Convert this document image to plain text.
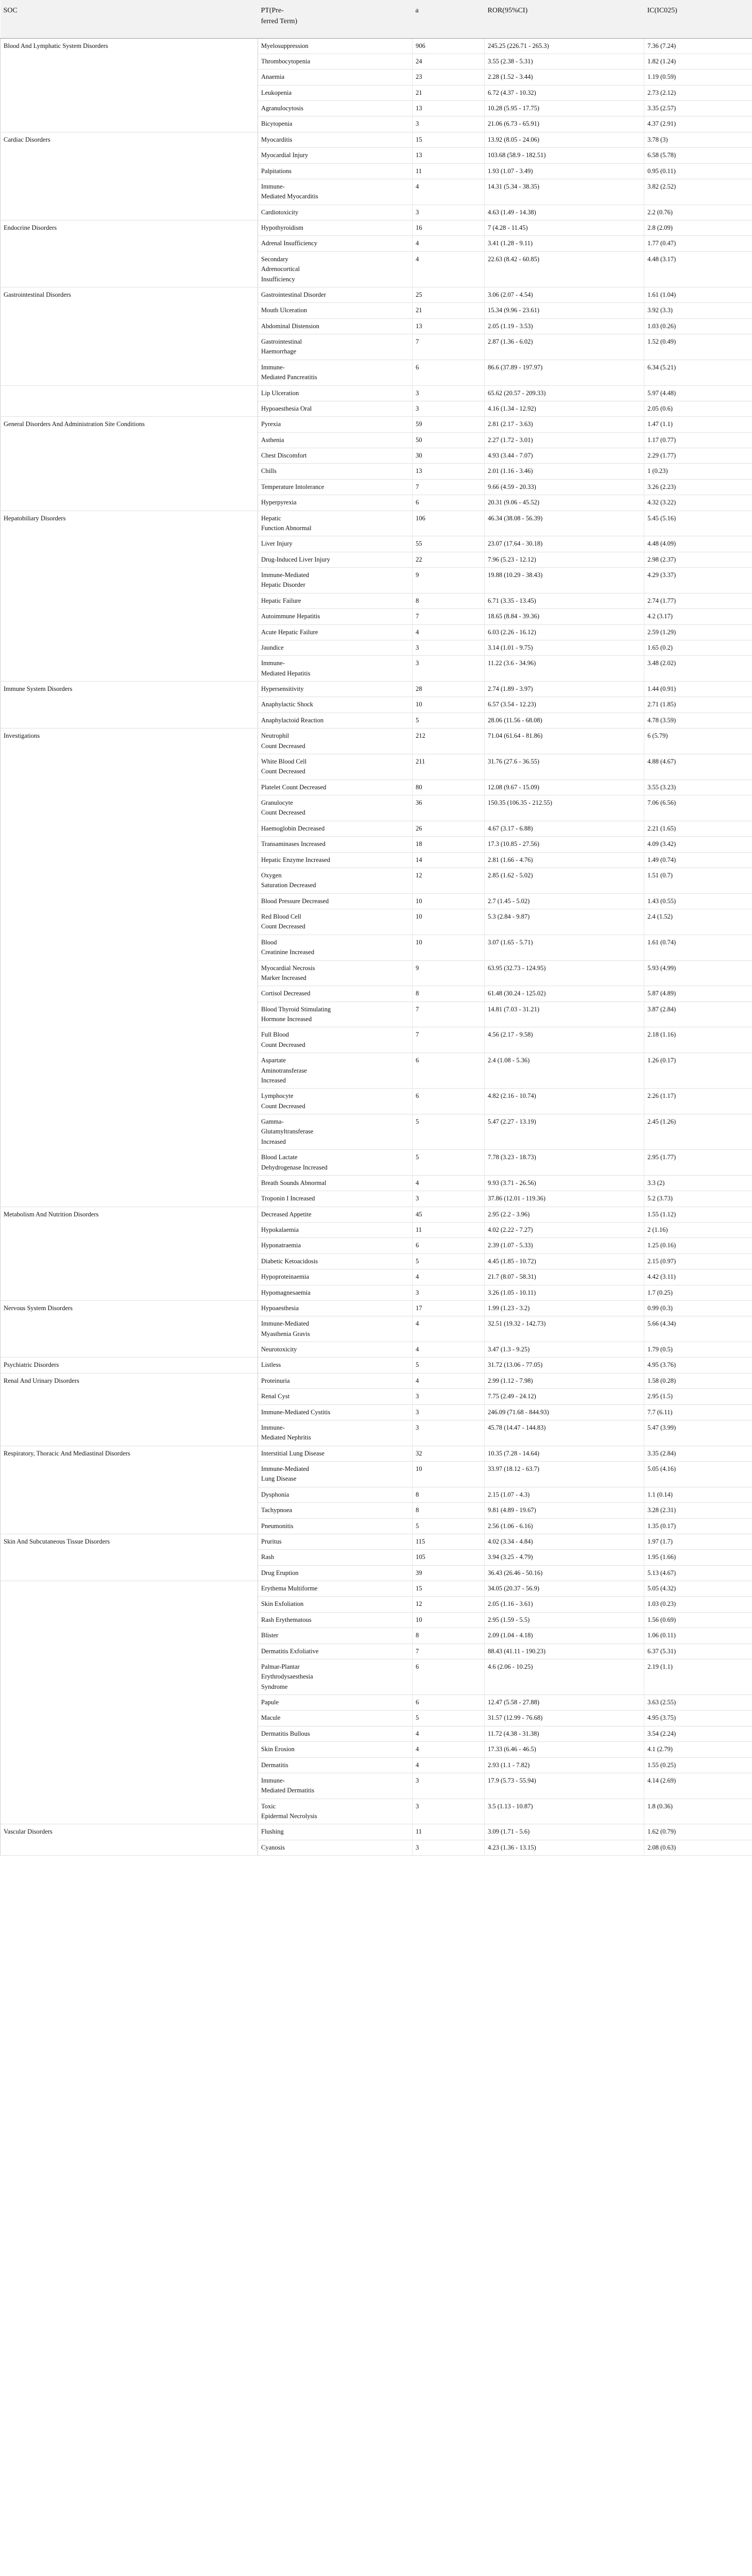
SOC	PT(Pre-
ferred Term)	a	ROR(95%CI)	IC(IC025)
Blood And Lymphatic System Disorders	Myelosuppression	906	245.25 (226.71 - 265.3)	7.36 (7.24)
	Thrombocytopenia	24	3.55 (2.38 - 5.31)	1.82 (1.24)
	Anaemia	23	2.28 (1.52 - 3.44)	1.19 (0.59)
	Leukopenia	21	6.72 (4.37 - 10.32)	2.73 (2.12)
	Agranulocytosis	13	10.28 (5.95 - 17.75)	3.35 (2.57)
	Bicytopenia	3	21.06 (6.73 - 65.91)	4.37 (2.91)
Cardiac Disorders	Myocarditis	15	13.92 (8.05 - 24.06)	3.78 (3)
	Myocardial Injury	13	103.68 (58.9 - 182.51)	6.58 (5.78)
	Palpitations	11	1.93 (1.07 - 3.49)	0.95 (0.11)
	Immune-
Mediated Myocarditis	4	14.31 (5.34 - 38.35)	3.82 (2.52)
	Cardiotoxicity	3	4.63 (1.49 - 14.38)	2.2 (0.76)
Endocrine Disorders	Hypothyroidism	16	7 (4.28 - 11.45)	2.8 (2.09)
	Adrenal Insufficiency	4	3.41 (1.28 - 9.11)	1.77 (0.47)
	Secondary
Adrenocortical
Insufficiency	4	22.63 (8.42 - 60.85)	4.48 (3.17)
Gastrointestinal Disorders	Gastrointestinal Disorder	25	3.06 (2.07 - 4.54)	1.61 (1.04)
	Mouth Ulceration	21	15.34 (9.96 - 23.61)	3.92 (3.3)
	Abdominal Distension	13	2.05 (1.19 - 3.53)	1.03 (0.26)
	Gastrointestinal
Haemorrhage	7	2.87 (1.36 - 6.02)	1.52 (0.49)
	Immune-
Mediated Pancreatitis	6	86.6 (37.89 - 197.97)	6.34 (5.21)
	Lip Ulceration	3	65.62 (20.57 - 209.33)	5.97 (4.48)
	Hypoaesthesia Oral	3	4.16 (1.34 - 12.92)	2.05 (0.6)
General Disorders And Administration Site Conditions	Pyrexia	59	2.81 (2.17 - 3.63)	1.47 (1.1)
	Asthenia	50	2.27 (1.72 - 3.01)	1.17 (0.77)
	Chest Discomfort	30	4.93 (3.44 - 7.07)	2.29 (1.77)
	Chills	13	2.01 (1.16 - 3.46)	1 (0.23)
	Temperature Intolerance	7	9.66 (4.59 - 20.33)	3.26 (2.23)
	Hyperpyrexia	6	20.31 (9.06 - 45.52)	4.32 (3.22)
Hepatobiliary Disorders	Hepatic
Function Abnormal	106	46.34 (38.08 - 56.39)	5.45 (5.16)
	Liver Injury	55	23.07 (17.64 - 30.18)	4.48 (4.09)
	Drug-Induced Liver Injury	22	7.96 (5.23 - 12.12)	2.98 (2.37)
	Immune-Mediated
Hepatic Disorder	9	19.88 (10.29 - 38.43)	4.29 (3.37)
	Hepatic Failure	8	6.71 (3.35 - 13.45)	2.74 (1.77)
	Autoimmune Hepatitis	7	18.65 (8.84 - 39.36)	4.2 (3.17)
	Acute Hepatic Failure	4	6.03 (2.26 - 16.12)	2.59 (1.29)
	Jaundice	3	3.14 (1.01 - 9.75)	1.65 (0.2)
	Immune-
Mediated Hepatitis	3	11.22 (3.6 - 34.96)	3.48 (2.02)
Immune System Disorders	Hypersensitivity	28	2.74 (1.89 - 3.97)	1.44 (0.91)
	Anaphylactic Shock	10	6.57 (3.54 - 12.23)	2.71 (1.85)
	Anaphylactoid Reaction	5	28.06 (11.56 - 68.08)	4.78 (3.59)
Investigations	Neutrophil
Count Decreased	212	71.04 (61.64 - 81.86)	6 (5.79)
	White Blood Cell
Count Decreased	211	31.76 (27.6 - 36.55)	4.88 (4.67)
	Platelet Count Decreased	80	12.08 (9.67 - 15.09)	3.55 (3.23)
	Granulocyte
Count Decreased	36	150.35 (106.35 - 212.55)	7.06 (6.56)
	Haemoglobin Decreased	26	4.67 (3.17 - 6.88)	2.21 (1.65)
	Transaminases Increased	18	17.3 (10.85 - 27.56)	4.09 (3.42)
	Hepatic Enzyme Increased	14	2.81 (1.66 - 4.76)	1.49 (0.74)
	Oxygen
Saturation Decreased	12	2.85 (1.62 - 5.02)	1.51 (0.7)
	Blood Pressure Decreased	10	2.7 (1.45 - 5.02)	1.43 (0.55)
	Red Blood Cell
Count Decreased	10	5.3 (2.84 - 9.87)	2.4 (1.52)
	Blood
Creatinine Increased	10	3.07 (1.65 - 5.71)	1.61 (0.74)
	Myocardial Necrosis
Marker Increased	9	63.95 (32.73 - 124.95)	5.93 (4.99)
	Cortisol Decreased	8	61.48 (30.24 - 125.02)	5.87 (4.89)
	Blood Thyroid Stimulating
Hormone Increased	7	14.81 (7.03 - 31.21)	3.87 (2.84)
	Full Blood
Count Decreased	7	4.56 (2.17 - 9.58)	2.18 (1.16)
	Aspartate
Aminotransferase
Increased	6	2.4 (1.08 - 5.36)	1.26 (0.17)
	Lymphocyte
Count Decreased	6	4.82 (2.16 - 10.74)	2.26 (1.17)
	Gamma-
Glutamyltransferase
Increased	5	5.47 (2.27 - 13.19)	2.45 (1.26)
	Blood Lactate
Dehydrogenase Increased	5	7.78 (3.23 - 18.73)	2.95 (1.77)
	Breath Sounds Abnormal	4	9.93 (3.71 - 26.56)	3.3 (2)
	Troponin I Increased	3	37.86 (12.01 - 119.36)	5.2 (3.73)
Metabolism And Nutrition Disorders	Decreased Appetite	45	2.95 (2.2 - 3.96)	1.55 (1.12)
	Hypokalaemia	11	4.02 (2.22 - 7.27)	2 (1.16)
	Hyponatraemia	6	2.39 (1.07 - 5.33)	1.25 (0.16)
	Diabetic Ketoacidosis	5	4.45 (1.85 - 10.72)	2.15 (0.97)
	Hypoproteinaemia	4	21.7 (8.07 - 58.31)	4.42 (3.11)
	Hypomagnesaemia	3	3.26 (1.05 - 10.11)	1.7 (0.25)
Nervous System Disorders	Hypoaesthesia	17	1.99 (1.23 - 3.2)	0.99 (0.3)
	Immune-Mediated
Myasthenia Gravis	4	32.51 (19.32 - 142.73)	5.66 (4.34)
	Neurotoxicity	4	3.47 (1.3 - 9.25)	1.79 (0.5)
Psychiatric Disorders	Listless	5	31.72 (13.06 - 77.05)	4.95 (3.76)
Renal And Urinary Disorders	Proteinuria	4	2.99 (1.12 - 7.98)	1.58 (0.28)
	Renal Cyst	3	7.75 (2.49 - 24.12)	2.95 (1.5)
	Immune-Mediated Cystitis	3	246.09 (71.68 - 844.93)	7.7 (6.11)
	Immune-
Mediated Nephritis	3	45.78 (14.47 - 144.83)	5.47 (3.99)
Respiratory, Thoracic And Mediastinal Disorders	Interstitial Lung Disease	32	10.35 (7.28 - 14.64)	3.35 (2.84)
	Immune-Mediated
Lung Disease	10	33.97 (18.12 - 63.7)	5.05 (4.16)
	Dysphonia	8	2.15 (1.07 - 4.3)	1.1 (0.14)
	Tachypnoea	8	9.81 (4.89 - 19.67)	3.28 (2.31)
	Pneumonitis	5	2.56 (1.06 - 6.16)	1.35 (0.17)
Skin And Subcutaneous Tissue Disorders	Pruritus	115	4.02 (3.34 - 4.84)	1.97 (1.7)
	Rash	105	3.94 (3.25 - 4.79)	1.95 (1.66)
	Drug Eruption	39	36.43 (26.46 - 50.16)	5.13 (4.67)
	Erythema Multiforme	15	34.05 (20.37 - 56.9)	5.05 (4.32)
	Skin Exfoliation	12	2.05 (1.16 - 3.61)	1.03 (0.23)
	Rash Erythematous	10	2.95 (1.59 - 5.5)	1.56 (0.69)
	Blister	8	2.09 (1.04 - 4.18)	1.06 (0.11)
	Dermatitis Exfoliative	7	88.43 (41.11 - 190.23)	6.37 (5.31)
	Palmar-Plantar
Erythrodysaesthesia
Syndrome	6	4.6 (2.06 - 10.25)	2.19 (1.1)
	Papule	6	12.47 (5.58 - 27.88)	3.63 (2.55)
	Macule	5	31.57 (12.99 - 76.68)	4.95 (3.75)
	Dermatitis Bullous	4	11.72 (4.38 - 31.38)	3.54 (2.24)
	Skin Erosion	4	17.33 (6.46 - 46.5)	4.1 (2.79)
	Dermatitis	4	2.93 (1.1 - 7.82)	1.55 (0.25)
	Immune-
Mediated Dermatitis	3	17.9 (5.73 - 55.94)	4.14 (2.69)
	Toxic
Epidermal Necrolysis	3	3.5 (1.13 - 10.87)	1.8 (0.36)
Vascular Disorders	Flushing	11	3.09 (1.71 - 5.6)	1.62 (0.79)
	Cyanosis	3	4.23 (1.36 - 13.15)	2.08 (0.63)
